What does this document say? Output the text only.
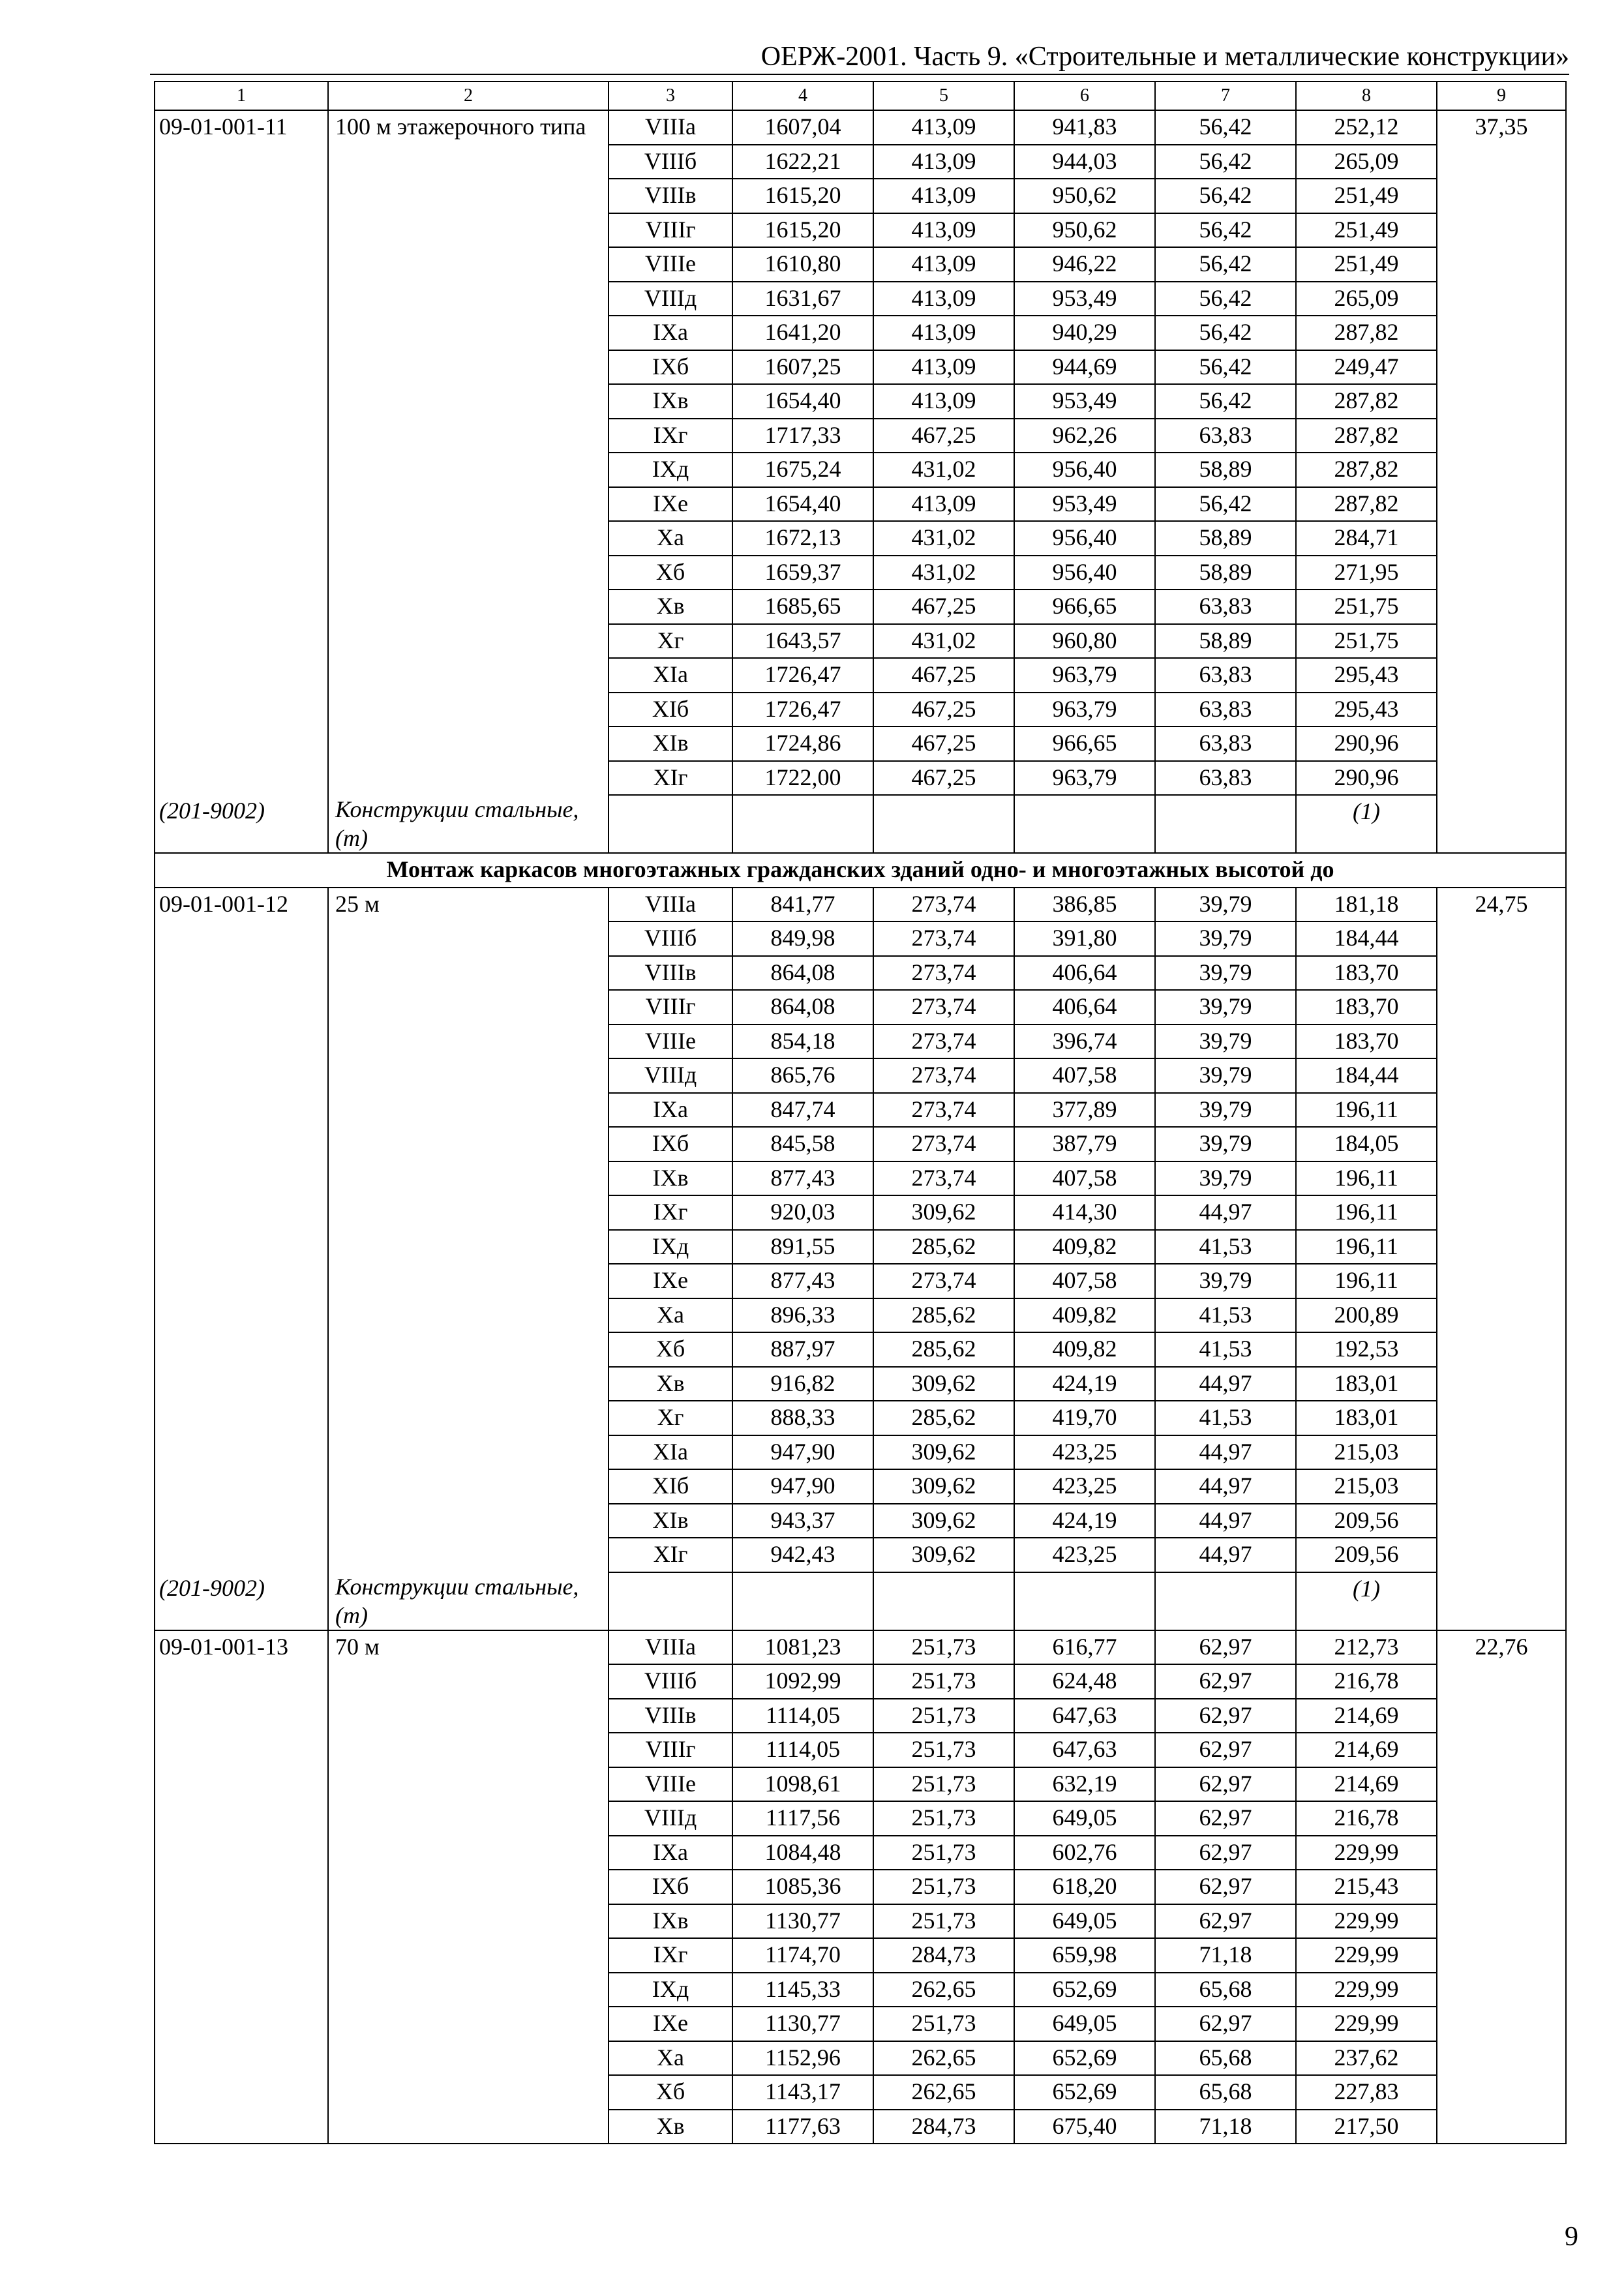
ОЕРЖ-2001. Часть 9. «Строительные и металлические конструкции»
1	2	3	4	5	6	7	8	9
09-01-001-11	100 м этажерочного типа	VIIIа	1607,04	413,09	941,83	56,42	252,12	37,35
		VIIIб	1622,21	413,09	944,03	56,42	265,09	
		VIIIв	1615,20	413,09	950,62	56,42	251,49	
		VIIIг	1615,20	413,09	950,62	56,42	251,49	
		VIIIе	1610,80	413,09	946,22	56,42	251,49	
		VIIIд	1631,67	413,09	953,49	56,42	265,09	
		IXа	1641,20	413,09	940,29	56,42	287,82	
		IXб	1607,25	413,09	944,69	56,42	249,47	
		IXв	1654,40	413,09	953,49	56,42	287,82	
		IXг	1717,33	467,25	962,26	63,83	287,82	
		IXд	1675,24	431,02	956,40	58,89	287,82	
		IXе	1654,40	413,09	953,49	56,42	287,82	
		Xа	1672,13	431,02	956,40	58,89	284,71	
		Xб	1659,37	431,02	956,40	58,89	271,95	
		Xв	1685,65	467,25	966,65	63,83	251,75	
		Xг	1643,57	431,02	960,80	58,89	251,75	
		XIа	1726,47	467,25	963,79	63,83	295,43	
		XIб	1726,47	467,25	963,79	63,83	295,43	
		XIв	1724,86	467,25	966,65	63,83	290,96	
		XIг	1722,00	467,25	963,79	63,83	290,96	
(201-9002)	Конструкции стальные, (т)						(1)	
Монтаж каркасов многоэтажных гражданских зданий одно- и многоэтажных высотой до								
09-01-001-12	25 м	VIIIа	841,77	273,74	386,85	39,79	181,18	24,75
		VIIIб	849,98	273,74	391,80	39,79	184,44	
		VIIIв	864,08	273,74	406,64	39,79	183,70	
		VIIIг	864,08	273,74	406,64	39,79	183,70	
		VIIIе	854,18	273,74	396,74	39,79	183,70	
		VIIIд	865,76	273,74	407,58	39,79	184,44	
		IXа	847,74	273,74	377,89	39,79	196,11	
		IXб	845,58	273,74	387,79	39,79	184,05	
		IXв	877,43	273,74	407,58	39,79	196,11	
		IXг	920,03	309,62	414,30	44,97	196,11	
		IXд	891,55	285,62	409,82	41,53	196,11	
		IXе	877,43	273,74	407,58	39,79	196,11	
		Xа	896,33	285,62	409,82	41,53	200,89	
		Xб	887,97	285,62	409,82	41,53	192,53	
		Xв	916,82	309,62	424,19	44,97	183,01	
		Xг	888,33	285,62	419,70	41,53	183,01	
		XIа	947,90	309,62	423,25	44,97	215,03	
		XIб	947,90	309,62	423,25	44,97	215,03	
		XIв	943,37	309,62	424,19	44,97	209,56	
		XIг	942,43	309,62	423,25	44,97	209,56	
(201-9002)	Конструкции стальные, (т)						(1)	
09-01-001-13	70 м	VIIIа	1081,23	251,73	616,77	62,97	212,73	22,76
		VIIIб	1092,99	251,73	624,48	62,97	216,78	
		VIIIв	1114,05	251,73	647,63	62,97	214,69	
		VIIIг	1114,05	251,73	647,63	62,97	214,69	
		VIIIе	1098,61	251,73	632,19	62,97	214,69	
		VIIIд	1117,56	251,73	649,05	62,97	216,78	
		IXа	1084,48	251,73	602,76	62,97	229,99	
		IXб	1085,36	251,73	618,20	62,97	215,43	
		IXв	1130,77	251,73	649,05	62,97	229,99	
		IXг	1174,70	284,73	659,98	71,18	229,99	
		IXд	1145,33	262,65	652,69	65,68	229,99	
		IXе	1130,77	251,73	649,05	62,97	229,99	
		Xа	1152,96	262,65	652,69	65,68	237,62	
		Xб	1143,17	262,65	652,69	65,68	227,83	
		Xв	1177,63	284,73	675,40	71,18	217,50	
9
